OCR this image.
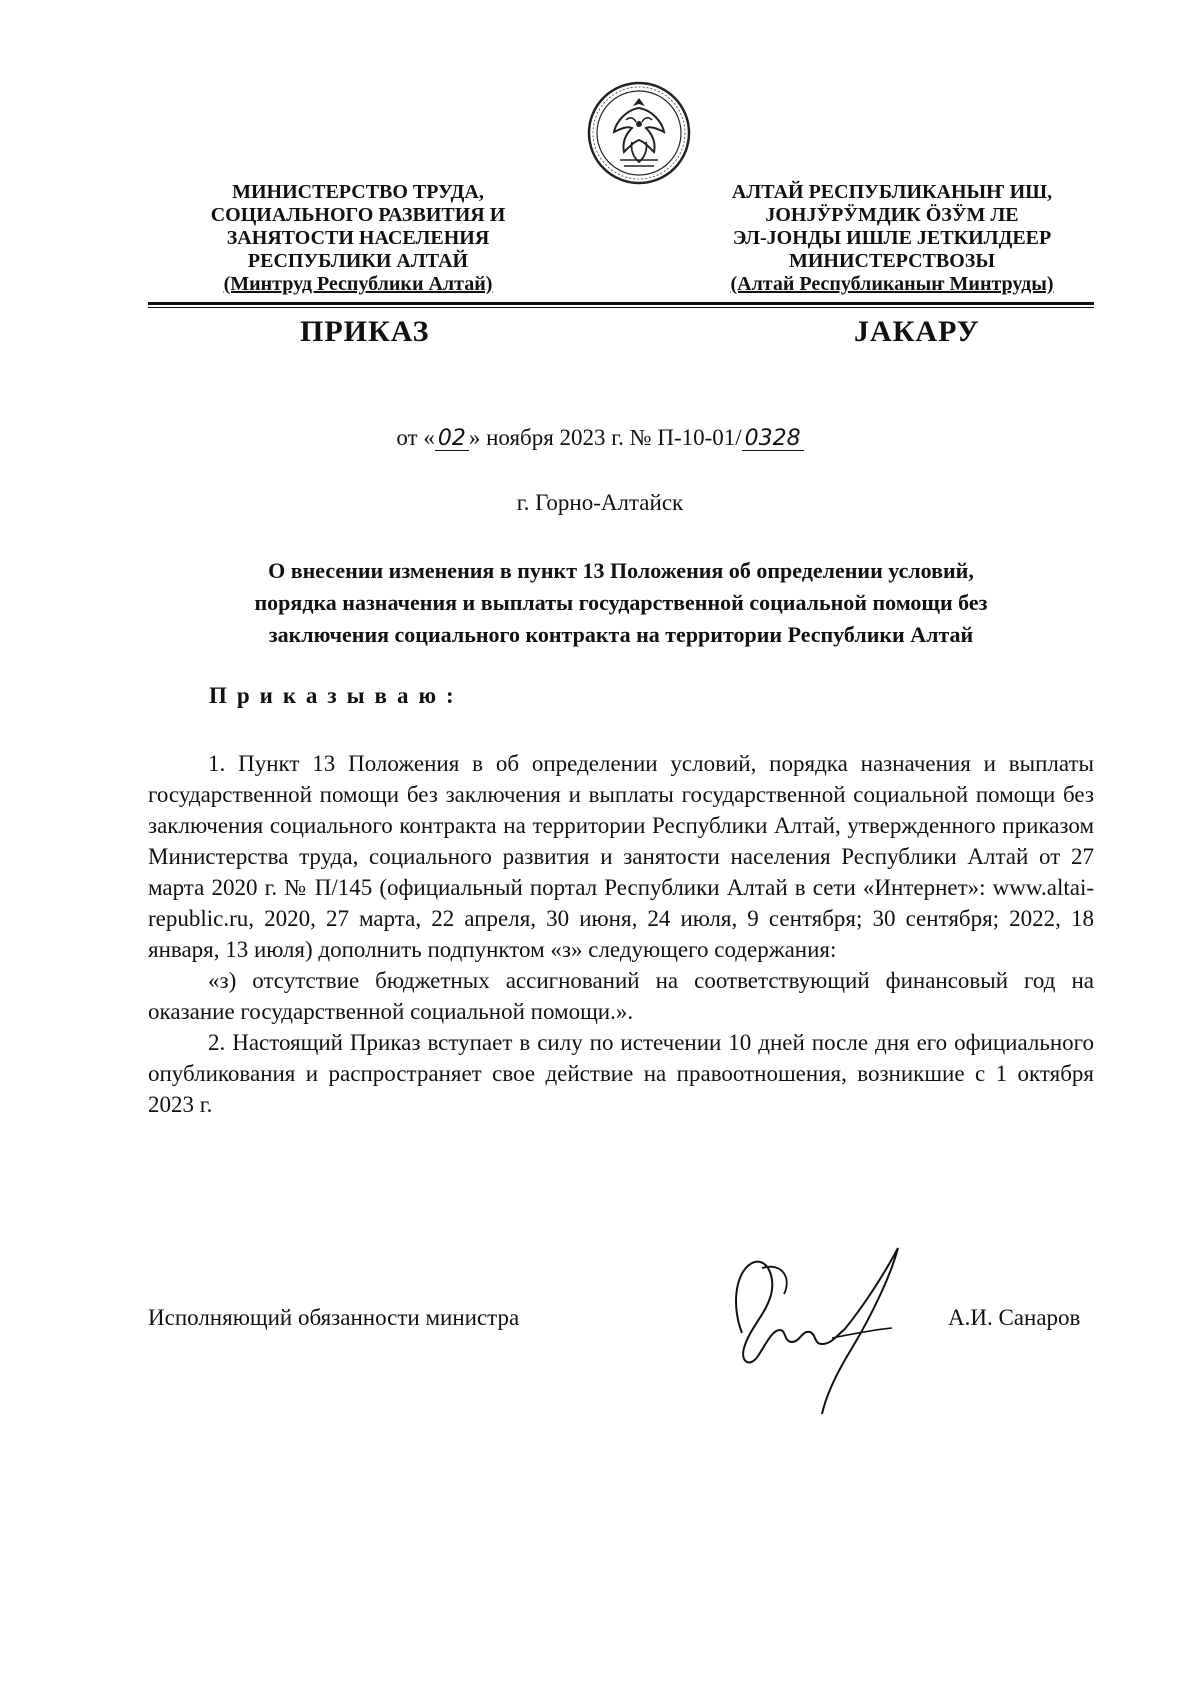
МИНИСТЕРСТВО ТРУДА,
СОЦИАЛЬНОГО РАЗВИТИЯ И
ЗАНЯТОСТИ НАСЕЛЕНИЯ
РЕСПУБЛИКИ АЛТАЙ
(Минтруд Республики Алтай)
АЛТАЙ РЕСПУБЛИКАНЫҤ ИШ,
JОНJӰРӰМДИК ÖЗӰМ ЛЕ
ЭЛ-JОНДЫ ИШЛЕ JЕТКИЛДЕЕР
МИНИСТЕРСТВОЗЫ
(Алтай Республиканыҥ Минтруды)
ПРИКАЗ	JАКАРУ
от « 02 » ноября 2023 г. № П-10-01/ 0328
г. Горно-Алтайск
О внесении изменения в пункт 13 Положения об определении условий,
порядка назначения и выплаты государственной социальной помощи без
заключения социального контракта на территории Республики Алтай
Приказываю:

1. Пункт 13 Положения в об определении условий, порядка назначения и выплаты государственной помощи без заключения и выплаты государственной социальной помощи без заключения социального контракта на территории Республики Алтай, утвержденного приказом Министерства труда, социального развития и занятости населения Республики Алтай от 27 марта 2020 г. № П/145 (официальный портал Республики Алтай в сети «Интернет»: www.altai-republic.ru, 2020, 27 марта, 22 апреля, 30 июня, 24 июля, 9 сентября; 30 сентября; 2022, 18 января, 13 июля) дополнить подпунктом «з» следующего содержания:

«з) отсутствие бюджетных ассигнований на соответствующий финансовый год на оказание государственной социальной помощи.».

2. Настоящий Приказ вступает в силу по истечении 10 дней после дня его официального опубликования и распространяет свое действие на правоотношения, возникшие с 1 октября 2023 г.

Исполняющий обязанности министра	А.И. Санаров
